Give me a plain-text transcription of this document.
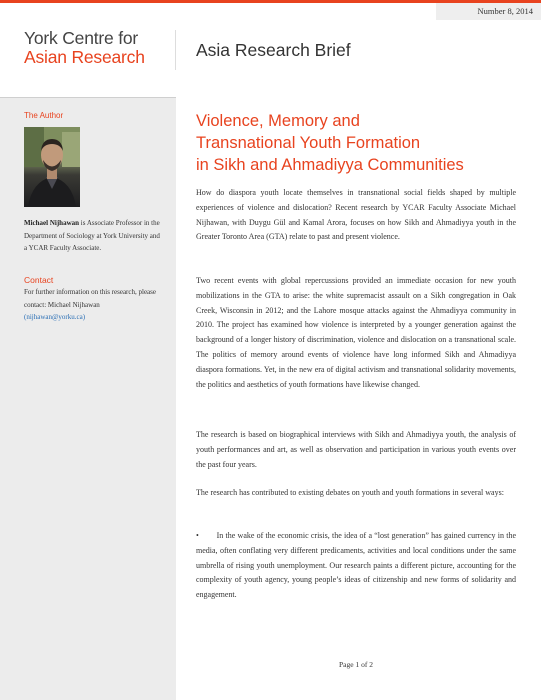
Number 8, 2014
York Centre for
Asian Research	Asia Research Brief
The Author
Michael Nijhawan is Associate Professor in the Department of Sociology at York University and a YCAR Faculty Associate.
Contact
For further information on this research, please contact: Michael Nijhawan
(nijhawan@yorku.ca)
Violence, Memory and
Transnational Youth Formation
in Sikh and Ahmadiyya Communities

How do diaspora youth locate themselves in transnational social fields shaped by multiple experiences of violence and dislocation? Recent research by YCAR Faculty Associate Michael Nijhawan, with Duygu Gül and Kamal Arora, focuses on how Sikh and Ahmadiyya youth in the Greater Toronto Area (GTA) relate to past and present violence.

Two recent events with global repercussions provided an immediate occasion for new youth mobilizations in the GTA to arise: the white supremacist assault on a Sikh congregation in Oak Creek, Wisconsin in 2012; and the Lahore mosque attacks against the Ahmadiyya community in 2010. The project has examined how violence is interpreted by a younger generation against the background of a longer history of discrimination, violence and dislocation on a transnational scale. The politics of memory around events of violence have long informed Sikh and Ahmadiyya diaspora formations. Yet, in the new era of digital activism and transnational solidarity movements, the politics and aesthetics of youth formations have likewise changed.

The research is based on biographical interviews with Sikh and Ahmadiyya youth, the analysis of youth performances and art, as well as observation and participation in various youth events over the past four years.

The research has contributed to existing debates on youth and youth formations in several ways:

•        In the wake of the economic crisis, the idea of a “lost generation” has gained currency in the media, often conflating very different predicaments, activities and local conditions under the same umbrella of rising youth unemployment. Our research paints a different picture, accounting for the complexity of youth agency, young people’s ideas of citizenship and new forms of solidarity and engagement.

Page 1 of 2
